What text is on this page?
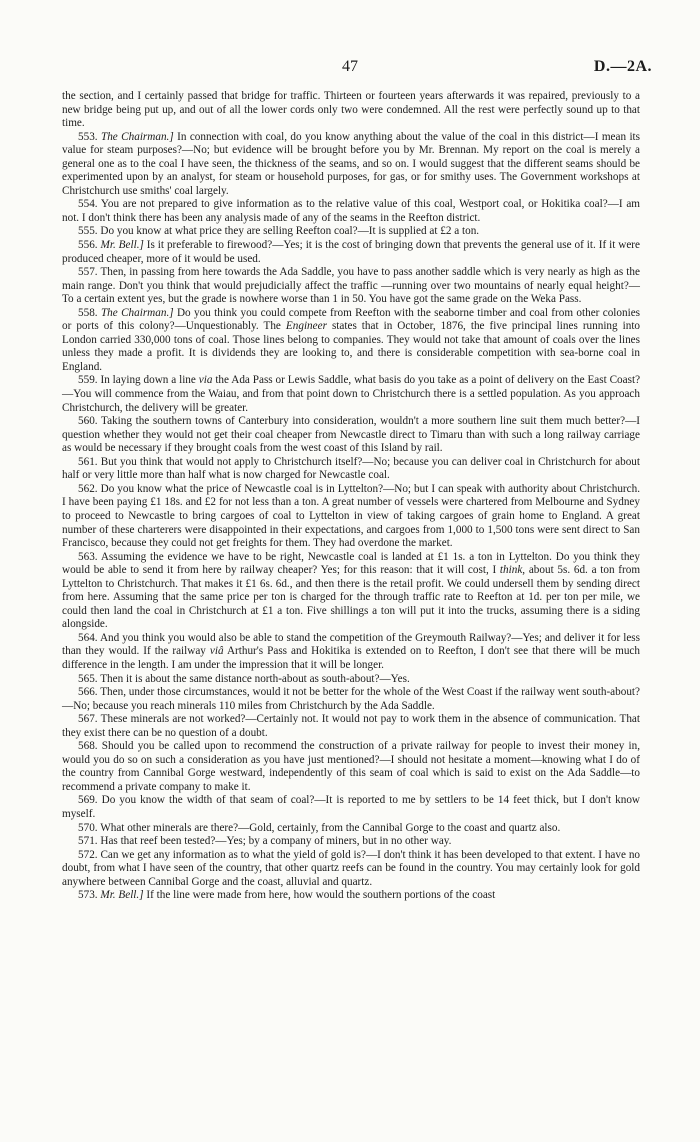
47	D.—2A.

the section, and I certainly passed that bridge for traffic. Thirteen or fourteen years afterwards it was repaired, previously to a new bridge being put up, and out of all the lower cords only two were condemned. All the rest were perfectly sound up to that time.

553. The Chairman.] In connection with coal, do you know anything about the value of the coal in this district—I mean its value for steam purposes?—No; but evidence will be brought before you by Mr. Brennan. My report on the coal is merely a general one as to the coal I have seen, the thickness of the seams, and so on. I would suggest that the different seams should be experimented upon by an analyst, for steam or household purposes, for gas, or for smithy uses. The Government workshops at Christchurch use smiths' coal largely.

554. You are not prepared to give information as to the relative value of this coal, Westport coal, or Hokitika coal?—I am not. I don't think there has been any analysis made of any of the seams in the Reefton district.

555. Do you know at what price they are selling Reefton coal?—It is supplied at £2 a ton.

556. Mr. Bell.] Is it preferable to firewood?—Yes; it is the cost of bringing down that prevents the general use of it. If it were produced cheaper, more of it would be used.

557. Then, in passing from here towards the Ada Saddle, you have to pass another saddle which is very nearly as high as the main range. Don't you think that would prejudicially affect the traffic —running over two mountains of nearly equal height?—To a certain extent yes, but the grade is nowhere worse than 1 in 50. You have got the same grade on the Weka Pass.

558. The Chairman.] Do you think you could compete from Reefton with the seaborne timber and coal from other colonies or ports of this colony?—Unquestionably. The Engineer states that in October, 1876, the five principal lines running into London carried 330,000 tons of coal. Those lines belong to companies. They would not take that amount of coals over the lines unless they made a profit. It is dividends they are looking to, and there is considerable competition with sea-borne coal in England.

559. In laying down a line via the Ada Pass or Lewis Saddle, what basis do you take as a point of delivery on the East Coast?—You will commence from the Waiau, and from that point down to Christchurch there is a settled population. As you approach Christchurch, the delivery will be greater.

560. Taking the southern towns of Canterbury into consideration, wouldn't a more southern line suit them much better?—I question whether they would not get their coal cheaper from Newcastle direct to Timaru than with such a long railway carriage as would be necessary if they brought coals from the west coast of this Island by rail.

561. But you think that would not apply to Christchurch itself?—No; because you can deliver coal in Christchurch for about half or very little more than half what is now charged for Newcastle coal.

562. Do you know what the price of Newcastle coal is in Lyttelton?—No; but I can speak with authority about Christchurch. I have been paying £1 18s. and £2 for not less than a ton. A great number of vessels were chartered from Melbourne and Sydney to proceed to Newcastle to bring cargoes of coal to Lyttelton in view of taking cargoes of grain home to England. A great number of these charterers were disappointed in their expectations, and cargoes from 1,000 to 1,500 tons were sent direct to San Francisco, because they could not get freights for them. They had overdone the market.

563. Assuming the evidence we have to be right, Newcastle coal is landed at £1 1s. a ton in Lyttelton. Do you think they would be able to send it from here by railway cheaper? Yes; for this reason: that it will cost, I think, about 5s. 6d. a ton from Lyttelton to Christchurch. That makes it £1 6s. 6d., and then there is the retail profit. We could undersell them by sending direct from here. Assuming that the same price per ton is charged for the through traffic rate to Reefton at 1d. per ton per mile, we could then land the coal in Christchurch at £1 a ton. Five shillings a ton will put it into the trucks, assuming there is a siding alongside.

564. And you think you would also be able to stand the competition of the Greymouth Railway?—Yes; and deliver it for less than they would. If the railway viâ Arthur's Pass and Hokitika is extended on to Reefton, I don't see that there will be much difference in the length. I am under the impression that it will be longer.

565. Then it is about the same distance north-about as south-about?—Yes.

566. Then, under those circumstances, would it not be better for the whole of the West Coast if the railway went south-about?—No; because you reach minerals 110 miles from Christchurch by the Ada Saddle.

567. These minerals are not worked?—Certainly not. It would not pay to work them in the absence of communication. That they exist there can be no question of a doubt.

568. Should you be called upon to recommend the construction of a private railway for people to invest their money in, would you do so on such a consideration as you have just mentioned?—I should not hesitate a moment—knowing what I do of the country from Cannibal Gorge westward, independently of this seam of coal which is said to exist on the Ada Saddle—to recommend a private company to make it.

569. Do you know the width of that seam of coal?—It is reported to me by settlers to be 14 feet thick, but I don't know myself.

570. What other minerals are there?—Gold, certainly, from the Cannibal Gorge to the coast and quartz also.

571. Has that reef been tested?—Yes; by a company of miners, but in no other way.

572. Can we get any information as to what the yield of gold is?—I don't think it has been developed to that extent. I have no doubt, from what I have seen of the country, that other quartz reefs can be found in the country. You may certainly look for gold anywhere between Cannibal Gorge and the coast, alluvial and quartz.

573. Mr. Bell.] If the line were made from here, how would the southern portions of the coast
